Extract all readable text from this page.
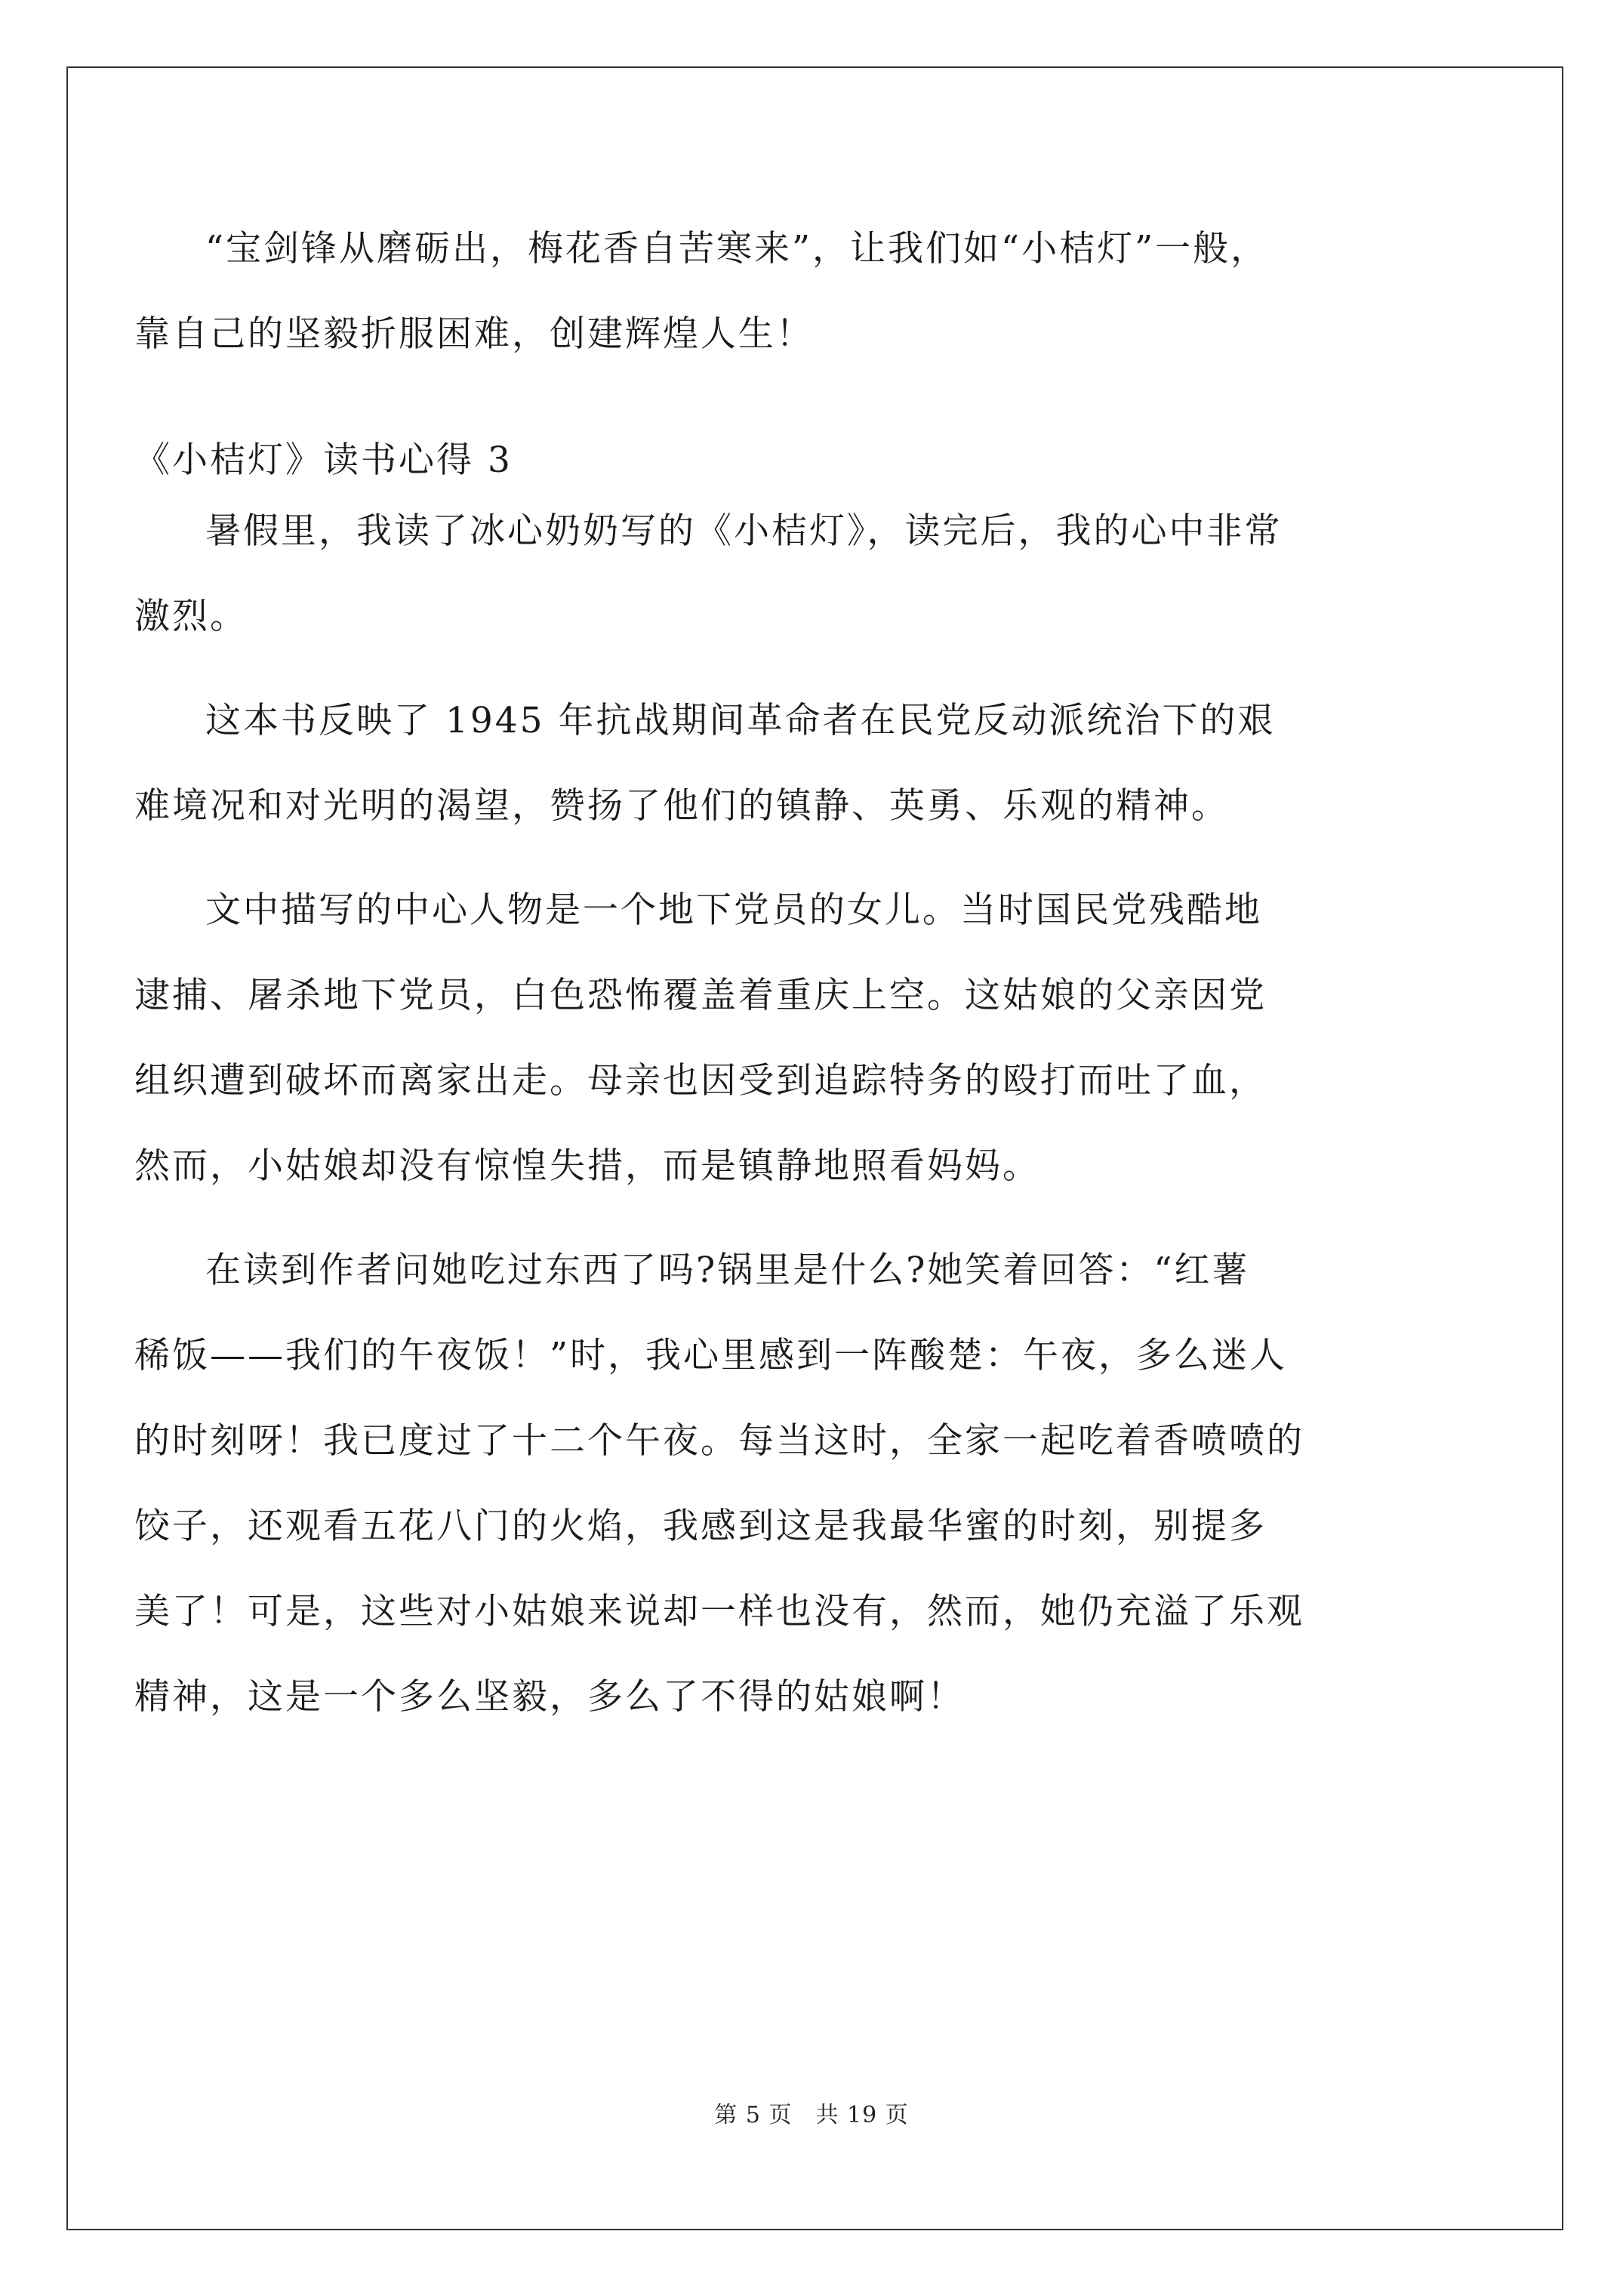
“宝剑锋从磨砺出，梅花香自苦寒来”，让我们如“小桔灯”一般，
靠自己的坚毅折服困难，创建辉煌人生！
《小桔灯》读书心得 3
暑假里，我读了冰心奶奶写的《小桔灯》，读完后，我的心中非常
激烈。
这本书反映了 1945 年抗战期间革命者在民党反动派统治下的艰
难境况和对光明的渴望，赞扬了他们的镇静、英勇、乐观的精神。
文中描写的中心人物是一个地下党员的女儿。当时国民党残酷地
逮捕、屠杀地下党员，白色恐怖覆盖着重庆上空。这姑娘的父亲因党
组织遭到破坏而离家出走。母亲也因受到追踪特务的殴打而吐了血，
然而，小姑娘却没有惊惶失措，而是镇静地照看妈妈。
在读到作者问她吃过东西了吗?锅里是什么?她笑着回答：“红薯
稀饭——我们的午夜饭！”时，我心里感到一阵酸楚：午夜，多么迷人
的时刻呀！我已度过了十二个午夜。每当这时，全家一起吃着香喷喷的
饺子，还观看五花八门的火焰，我感到这是我最华蜜的时刻，别提多
美了！可是，这些对小姑娘来说却一样也没有，然而，她仍充溢了乐观
精神，这是一个多么坚毅，多么了不得的姑娘啊！
第 5 页　共 19 页
